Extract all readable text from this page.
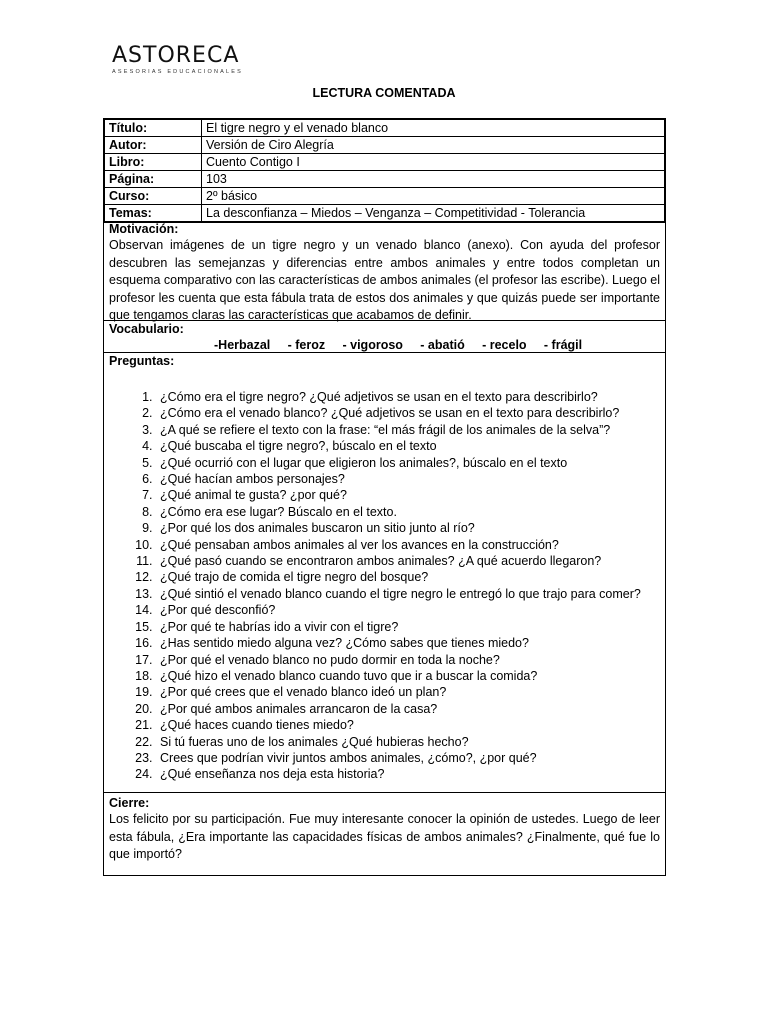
ASTORECA
ASESORIAS EDUCACIONALES
LECTURA COMENTADA
Título:	El tigre negro y el venado blanco
Autor:	Versión de Ciro Alegría
Libro:	Cuento Contigo I
Página:	103
Curso:	2º básico
Temas:	La desconfianza – Miedos – Venganza – Competitividad - Tolerancia
Motivación:
Observan imágenes de un tigre negro y un venado blanco (anexo). Con ayuda del profesor descubren las semejanzas y diferencias entre ambos animales y entre todos completan un esquema comparativo con las características de ambos animales (el profesor las escribe). Luego el profesor les cuenta que esta fábula trata de estos dos animales y que quizás puede ser importante que tengamos claras las características que acabamos de definir.
Vocabulario:
-Herbazal     - feroz     - vigoroso     - abatió     - recelo     - frágil
Preguntas:
1. ¿Cómo era el tigre negro? ¿Qué adjetivos se usan en el texto para describirlo?
2. ¿Cómo era el venado blanco? ¿Qué adjetivos se usan en el texto para describirlo?
3. ¿A qué se refiere el texto con la frase: “el más frágil de los animales de la selva”?
4. ¿Qué buscaba el tigre negro?, búscalo en el texto
5. ¿Qué ocurrió con el lugar que eligieron los animales?, búscalo en el texto
6. ¿Qué hacían ambos personajes?
7. ¿Qué animal te gusta? ¿por qué?
8. ¿Cómo era ese lugar? Búscalo en el texto.
9. ¿Por qué los dos animales buscaron un sitio junto al río?
10. ¿Qué pensaban ambos animales al ver los avances en la construcción?
11. ¿Qué pasó cuando se encontraron ambos animales? ¿A qué acuerdo llegaron?
12. ¿Qué trajo de comida el tigre negro del bosque?
13. ¿Qué sintió el venado blanco cuando el tigre negro le entregó lo que trajo para comer?
14. ¿Por qué desconfió?
15. ¿Por qué te habrías ido a vivir con el tigre?
16. ¿Has sentido miedo alguna vez? ¿Cómo sabes que tienes miedo?
17. ¿Por qué el venado blanco no pudo dormir en toda la noche?
18. ¿Qué hizo el venado blanco cuando tuvo que ir a buscar la comida?
19. ¿Por qué crees que el venado blanco ideó un plan?
20. ¿Por qué ambos animales arrancaron de la casa?
21. ¿Qué haces cuando tienes miedo?
22. Si tú fueras uno de los animales ¿Qué hubieras hecho?
23. Crees que podrían vivir juntos ambos animales, ¿cómo?, ¿por qué?
24. ¿Qué enseñanza nos deja esta historia?
Cierre:
Los felicito por su participación. Fue muy interesante conocer la opinión de ustedes. Luego de leer esta fábula, ¿Era importante las capacidades físicas de ambos animales? ¿Finalmente, qué fue lo que importó?
